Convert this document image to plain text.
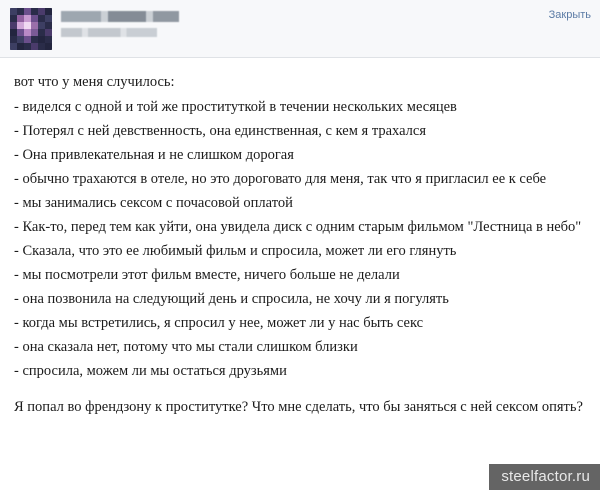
Закрыть

вот что у меня случилось:

- виделся с одной и той же проституткой в течении нескольких месяцев
- Потерял с ней девственность, она единственная, с кем я трахался
- Она привлекательная и не слишком дорогая
- обычно трахаются в отеле, но это дороговато для меня, так что я пригласил ее к себе
- мы занимались сексом с почасовой оплатой
- Как-то, перед тем как уйти, она увидела диск с одним старым фильмом "Лестница в небо"
- Сказала, что это ее любимый фильм и спросила, может ли его глянуть
- мы посмотрели этот фильм вместе, ничего больше не делали
- она позвонила на следующий день и спросила, не хочу ли я погулять
- когда мы встретились, я спросил у нее, может ли у нас быть секс
- она сказала нет, потому что мы стали слишком близки
- спросила, можем ли мы остаться друзьями

Я попал во френдзону к проститутке? Что мне сделать, что бы заняться с ней сексом опять?

steelfactor.ru
